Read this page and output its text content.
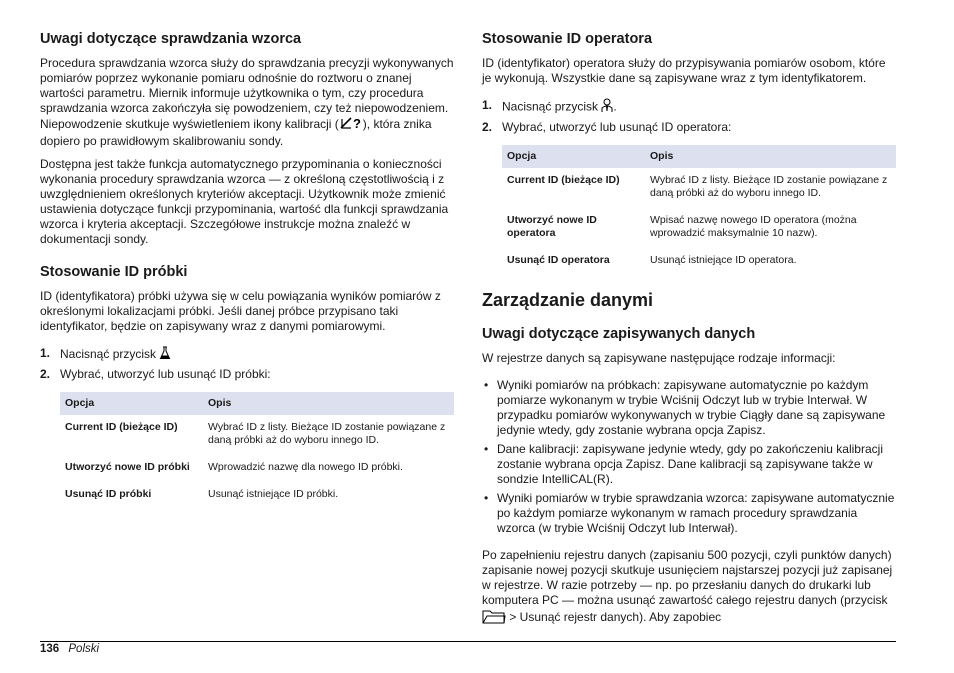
Uwagi dotyczące sprawdzania wzorca

Procedura sprawdzania wzorca służy do sprawdzania precyzji wykonywanych pomiarów poprzez wykonanie pomiaru odnośnie do roztworu o znanej wartości parametru. Miernik informuje użytkownika o tym, czy procedura sprawdzania wzorca zakończyła się powodzeniem, czy też niepowodzeniem. Niepowodzenie skutkuje wyświetleniem ikony kalibracji ( ? ), która znika dopiero po prawidłowym skalibrowaniu sondy.

Dostępna jest także funkcja automatycznego przypominania o konieczności wykonania procedury sprawdzania wzorca — z określoną częstotliwością i z uwzględnieniem określonych kryteriów akceptacji. Użytkownik może zmienić ustawienia dotyczące funkcji przypominania, wartość dla funkcji sprawdzania wzorca i kryteria akceptacji. Szczegółowe instrukcje można znaleźć w dokumentacji sondy.

Stosowanie ID próbki

ID (identyfikatora) próbki używa się w celu powiązania wyników pomiarów z określonymi lokalizacjami próbki. Jeśli danej próbce przypisano taki identyfikator, będzie on zapisywany wraz z danymi pomiarowymi.

1. Nacisnąć przycisk
2. Wybrać, utworzyć lub usunąć ID próbki:
Opcja	Opis
Current ID (bieżące ID)	Wybrać ID z listy. Bieżące ID zostanie powiązane z daną próbki aż do wyboru innego ID.
Utworzyć nowe ID próbki	Wprowadzić nazwę dla nowego ID próbki.
Usunąć ID próbki	Usunąć istniejące ID próbki.
Stosowanie ID operatora

ID (identyfikator) operatora służy do przypisywania pomiarów osobom, które je wykonują. Wszystkie dane są zapisywane wraz z tym identyfikatorem.

1. Nacisnąć przycisk .
2. Wybrać, utworzyć lub usunąć ID operatora:
Opcja	Opis
Current ID (bieżące ID)	Wybrać ID z listy. Bieżące ID zostanie powiązane z daną próbki aż do wyboru innego ID.
Utworzyć nowe ID operatora	Wpisać nazwę nowego ID operatora (można wprowadzić maksymalnie 10 nazw).
Usunąć ID operatora	Usunąć istniejące ID operatora.
Zarządzanie danymi
Uwagi dotyczące zapisywanych danych

W rejestrze danych są zapisywane następujące rodzaje informacji:

• Wyniki pomiarów na próbkach: zapisywane automatycznie po każdym pomiarze wykonanym w trybie Wciśnij Odczyt lub w trybie Interwał. W przypadku pomiarów wykonywanych w trybie Ciągły dane są zapisywane jedynie wtedy, gdy zostanie wybrana opcja Zapisz.
• Dane kalibracji: zapisywane jedynie wtedy, gdy po zakończeniu kalibracji zostanie wybrana opcja Zapisz. Dane kalibracji są zapisywane także w sondzie IntelliCAL(R).
• Wyniki pomiarów w trybie sprawdzania wzorca: zapisywane automatycznie po każdym pomiarze wykonanym w ramach procedury sprawdzania wzorca (w trybie Wciśnij Odczyt lub Interwał).

Po zapełnieniu rejestru danych (zapisaniu 500 pozycji, czyli punktów danych) zapisanie nowej pozycji skutkuje usunięciem najstarszej pozycji już zapisanej w rejestrze. W razie potrzeby — np. po przesłaniu danych do drukarki lub komputera PC — można usunąć zawartość całego rejestru danych (przycisk  > Usunąć rejestr danych). Aby zapobiec

136 Polski
